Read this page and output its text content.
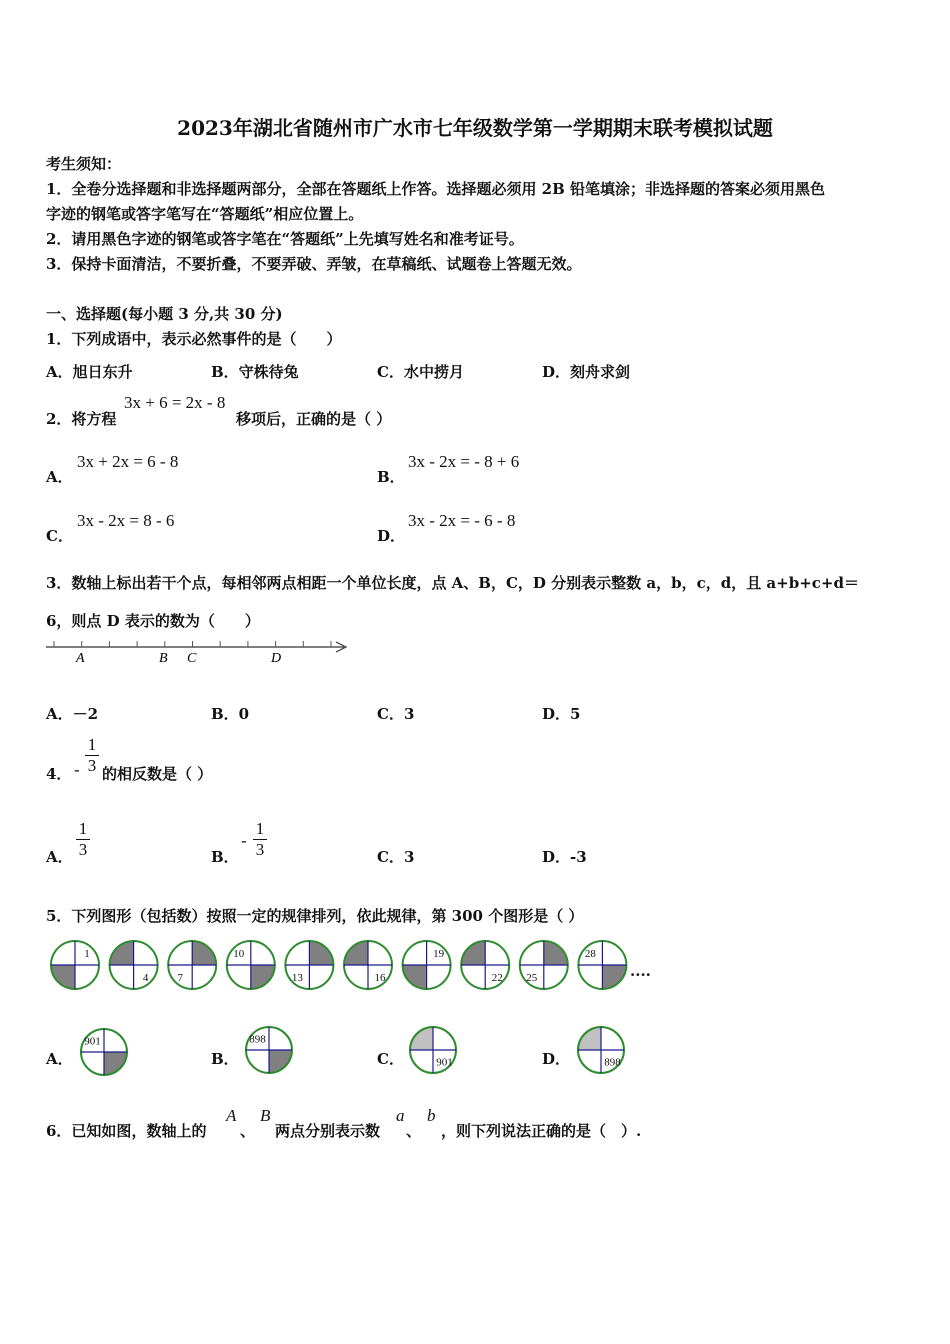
2023年湖北省随州市广水市七年级数学第一学期期末联考模拟试题
考生须知：
1．全卷分选择题和非选择题两部分，全部在答题纸上作答。选择题必须用 2B 铅笔填涂；非选择题的答案必须用黑色
字迹的钢笔或答字笔写在“答题纸”相应位置上。
2．请用黑色字迹的钢笔或答字笔在“答题纸”上先填写姓名和准考证号。
3．保持卡面清洁，不要折叠，不要弄破、弄皱，在草稿纸、试题卷上答题无效。
一、选择题(每小题 3 分,共 30 分)
1．下列成语中，表示必然事件的是（　　）
A．旭日东升	B．守株待兔	C．水中捞月	D．刻舟求剑
2．将方程
3x + 6 = 2x - 8
移项后，正确的是（ ）
A．
3x + 2x = 6 - 8
B．
3x - 2x = - 8 + 6
C．
3x - 2x = 8 - 6
D．
3x - 2x = - 6 - 8
3．数轴上标出若干个点，每相邻两点相距一个单位长度，点 A、B，C，D 分别表示整数 a，b，c，d，且 a+b+c+d＝
6，则点 D 表示的数为（　　）
A	B C	D
A．－2	B．0	C．3	D．5
4． -
1
3 的相反数是（ ）
A．
1
3	B．
-
1
3	C．3	D．-3
5．下列图形（包括数）按照一定的规律排列，依此规律，第 300 个图形是（ ）
1
4	7
10
13	16
19
22 25
28
....
A．	B．	C．	D．
901	898
901	898
6．已知如图，数轴上的
A
、
B
两点分别表示数
a
、
b
，则下列说法正确的是（　）.
